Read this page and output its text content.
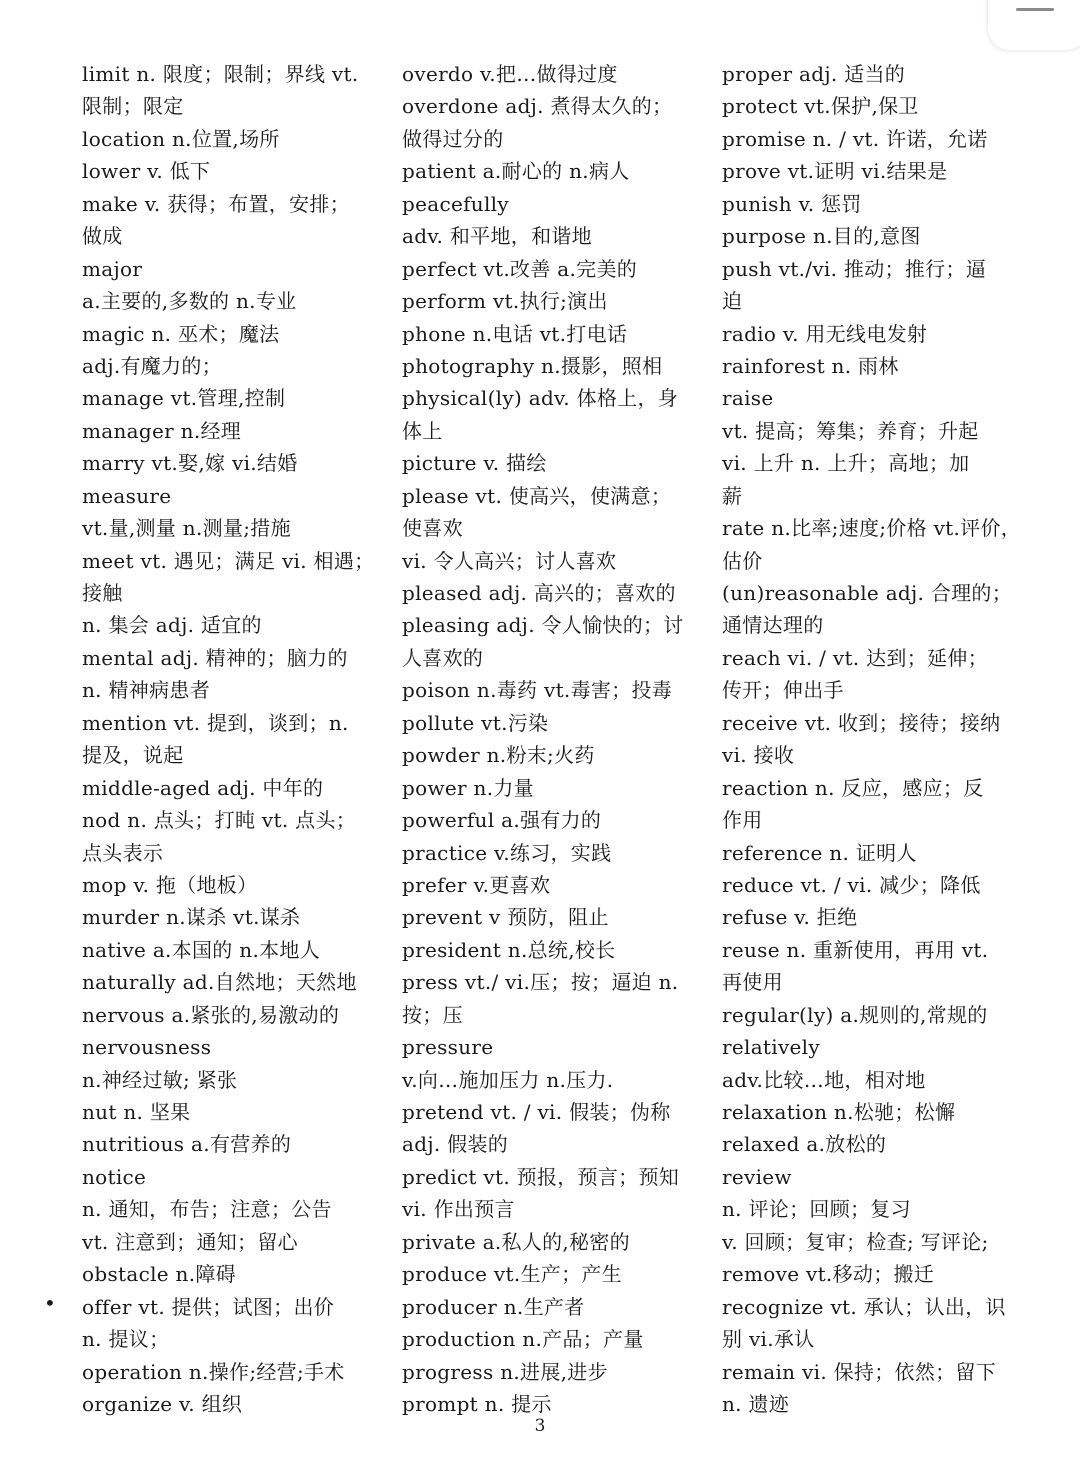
limit n. 限度；限制；界线 vt.
限制；限定
location n.位置,场所
lower v. 低下
make v. 获得；布置，安排；
做成
major
a.主要的,多数的 n.专业
magic n. 巫术；魔法
adj.有魔力的；
manage vt.管理,控制
manager n.经理
marry vt.娶,嫁 vi.结婚
measure
vt.量,测量 n.测量;措施
meet vt. 遇见；满足 vi. 相遇；
接触
n. 集会 adj. 适宜的
mental adj. 精神的；脑力的
n. 精神病患者
mention vt. 提到，谈到；n.
提及，说起
middle-aged adj. 中年的
nod n. 点头；打盹 vt. 点头；
点头表示
mop v. 拖（地板）
murder n.谋杀 vt.谋杀
native a.本国的 n.本地人
naturally ad.自然地；天然地
nervous a.紧张的,易激动的
nervousness
n.神经过敏; 紧张
nut n. 坚果
nutritious a.有营养的
notice
n. 通知，布告；注意；公告
vt. 注意到；通知；留心
obstacle n.障碍
offer vt. 提供；试图；出价
n. 提议；
operation n.操作;经营;手术
organize v. 组织
overdo v.把…做得过度
overdone adj. 煮得太久的；
做得过分的
patient a.耐心的 n.病人
peacefully
adv. 和平地，和谐地
perfect vt.改善 a.完美的
perform vt.执行;演出
phone n.电话 vt.打电话
photography n.摄影，照相
physical(ly) adv. 体格上，身
体上
picture v. 描绘
please vt. 使高兴，使满意；
使喜欢
vi. 令人高兴；讨人喜欢
pleased adj. 高兴的；喜欢的
pleasing adj. 令人愉快的；讨
人喜欢的
poison n.毒药 vt.毒害；投毒
pollute vt.污染
powder n.粉末;火药
power n.力量
powerful a.强有力的
practice v.练习，实践
prefer v.更喜欢
prevent v 预防，阻止
president n.总统,校长
press vt./ vi.压；按；逼迫 n.
按；压
pressure
v.向…施加压力 n.压力.
pretend vt. / vi. 假装；伪称
adj. 假装的
predict vt. 预报，预言；预知
vi. 作出预言
private a.私人的,秘密的
produce vt.生产；产生
producer n.生产者
production n.产品；产量
progress n.进展,进步
prompt n. 提示
proper adj. 适当的
protect vt.保护,保卫
promise n. / vt. 许诺，允诺
prove vt.证明 vi.结果是
punish v. 惩罚
purpose n.目的,意图
push vt./vi. 推动；推行；逼
迫
radio v. 用无线电发射
rainforest n. 雨林
raise
vt. 提高；筹集；养育；升起
vi. 上升 n. 上升；高地；加
薪
rate n.比率;速度;价格 vt.评价，
估价
(un)reasonable adj. 合理的；
通情达理的
reach vi. / vt. 达到；延伸；
传开；伸出手
receive vt. 收到；接待；接纳
vi. 接收
reaction n. 反应，感应；反
作用
reference n. 证明人
reduce vt. / vi. 减少；降低
refuse v. 拒绝
reuse n. 重新使用，再用 vt.
再使用
regular(ly) a.规则的,常规的
relatively
adv.比较…地，相对地
relaxation n.松驰；松懈
relaxed a.放松的
review
n. 评论；回顾；复习
v. 回顾；复审；检查; 写评论;
remove vt.移动；搬迁
recognize vt. 承认；认出，识
别 vi.承认
remain vi. 保持；依然；留下
n. 遗迹
•
3
